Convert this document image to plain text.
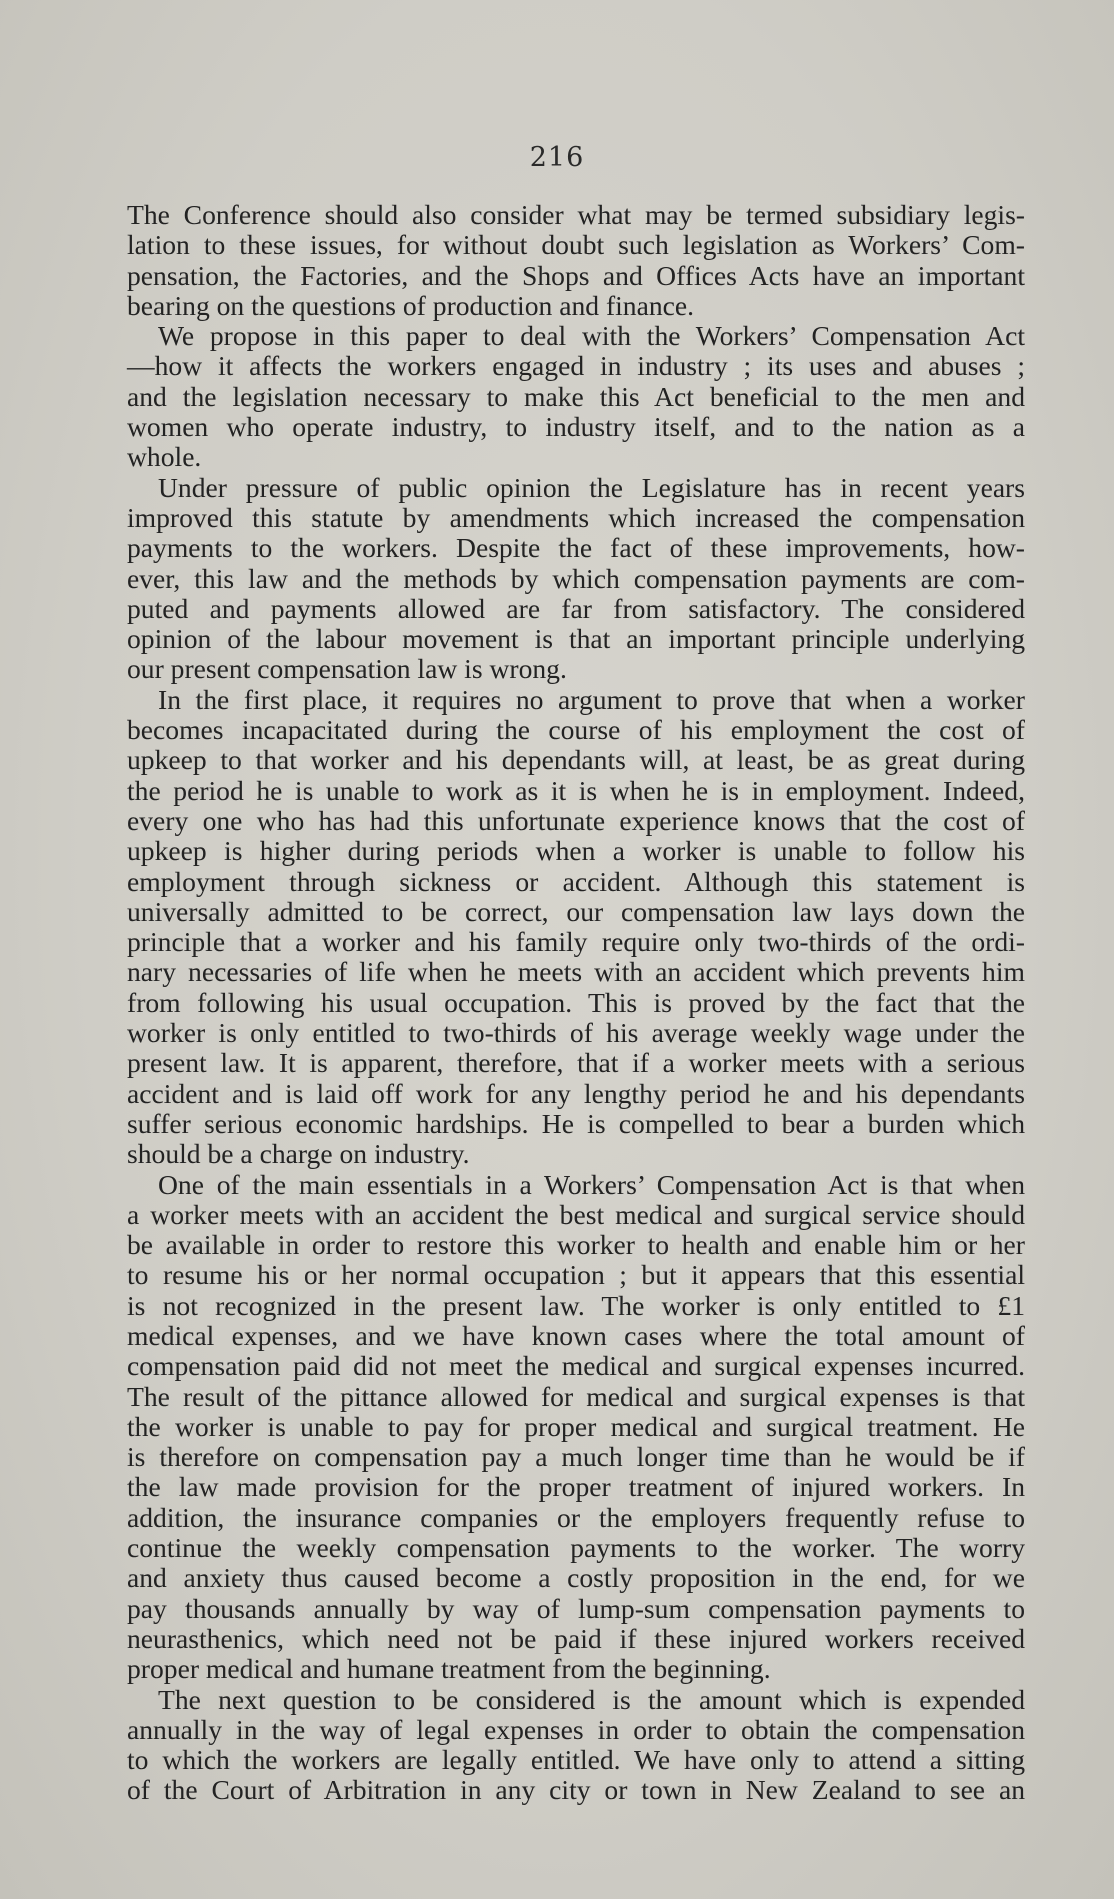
216
The Conference should also consider what may be termed subsidiary legis-
lation to these issues, for without doubt such legislation as Workers’ Com-
pensation, the Factories, and the Shops and Offices Acts have an important
bearing on the questions of production and finance.
We propose in this paper to deal with the Workers’ Compensation Act
—how it affects the workers engaged in industry ; its uses and abuses ;
and the legislation necessary to make this Act beneficial to the men and
women who operate industry, to industry itself, and to the nation as a
whole.
Under pressure of public opinion the Legislature has in recent years
improved this statute by amendments which increased the compensation
payments to the workers. Despite the fact of these improvements, how-
ever, this law and the methods by which compensation payments are com-
puted and payments allowed are far from satisfactory. The considered
opinion of the labour movement is that an important principle underlying
our present compensation law is wrong.
In the first place, it requires no argument to prove that when a worker
becomes incapacitated during the course of his employment the cost of
upkeep to that worker and his dependants will, at least, be as great during
the period he is unable to work as it is when he is in employment. Indeed,
every one who has had this unfortunate experience knows that the cost of
upkeep is higher during periods when a worker is unable to follow his
employment through sickness or accident. Although this statement is
universally admitted to be correct, our compensation law lays down the
principle that a worker and his family require only two-thirds of the ordi-
nary necessaries of life when he meets with an accident which prevents him
from following his usual occupation. This is proved by the fact that the
worker is only entitled to two-thirds of his average weekly wage under the
present law. It is apparent, therefore, that if a worker meets with a serious
accident and is laid off work for any lengthy period he and his dependants
suffer serious economic hardships. He is compelled to bear a burden which
should be a charge on industry.
One of the main essentials in a Workers’ Compensation Act is that when
a worker meets with an accident the best medical and surgical service should
be available in order to restore this worker to health and enable him or her
to resume his or her normal occupation ; but it appears that this essential
is not recognized in the present law. The worker is only entitled to £1
medical expenses, and we have known cases where the total amount of
compensation paid did not meet the medical and surgical expenses incurred.
The result of the pittance allowed for medical and surgical expenses is that
the worker is unable to pay for proper medical and surgical treatment. He
is therefore on compensation pay a much longer time than he would be if
the law made provision for the proper treatment of injured workers. In
addition, the insurance companies or the employers frequently refuse to
continue the weekly compensation payments to the worker. The worry
and anxiety thus caused become a costly proposition in the end, for we
pay thousands annually by way of lump-sum compensation payments to
neurasthenics, which need not be paid if these injured workers received
proper medical and humane treatment from the beginning.
The next question to be considered is the amount which is expended
annually in the way of legal expenses in order to obtain the compensation
to which the workers are legally entitled. We have only to attend a sitting
of the Court of Arbitration in any city or town in New Zealand to see an
